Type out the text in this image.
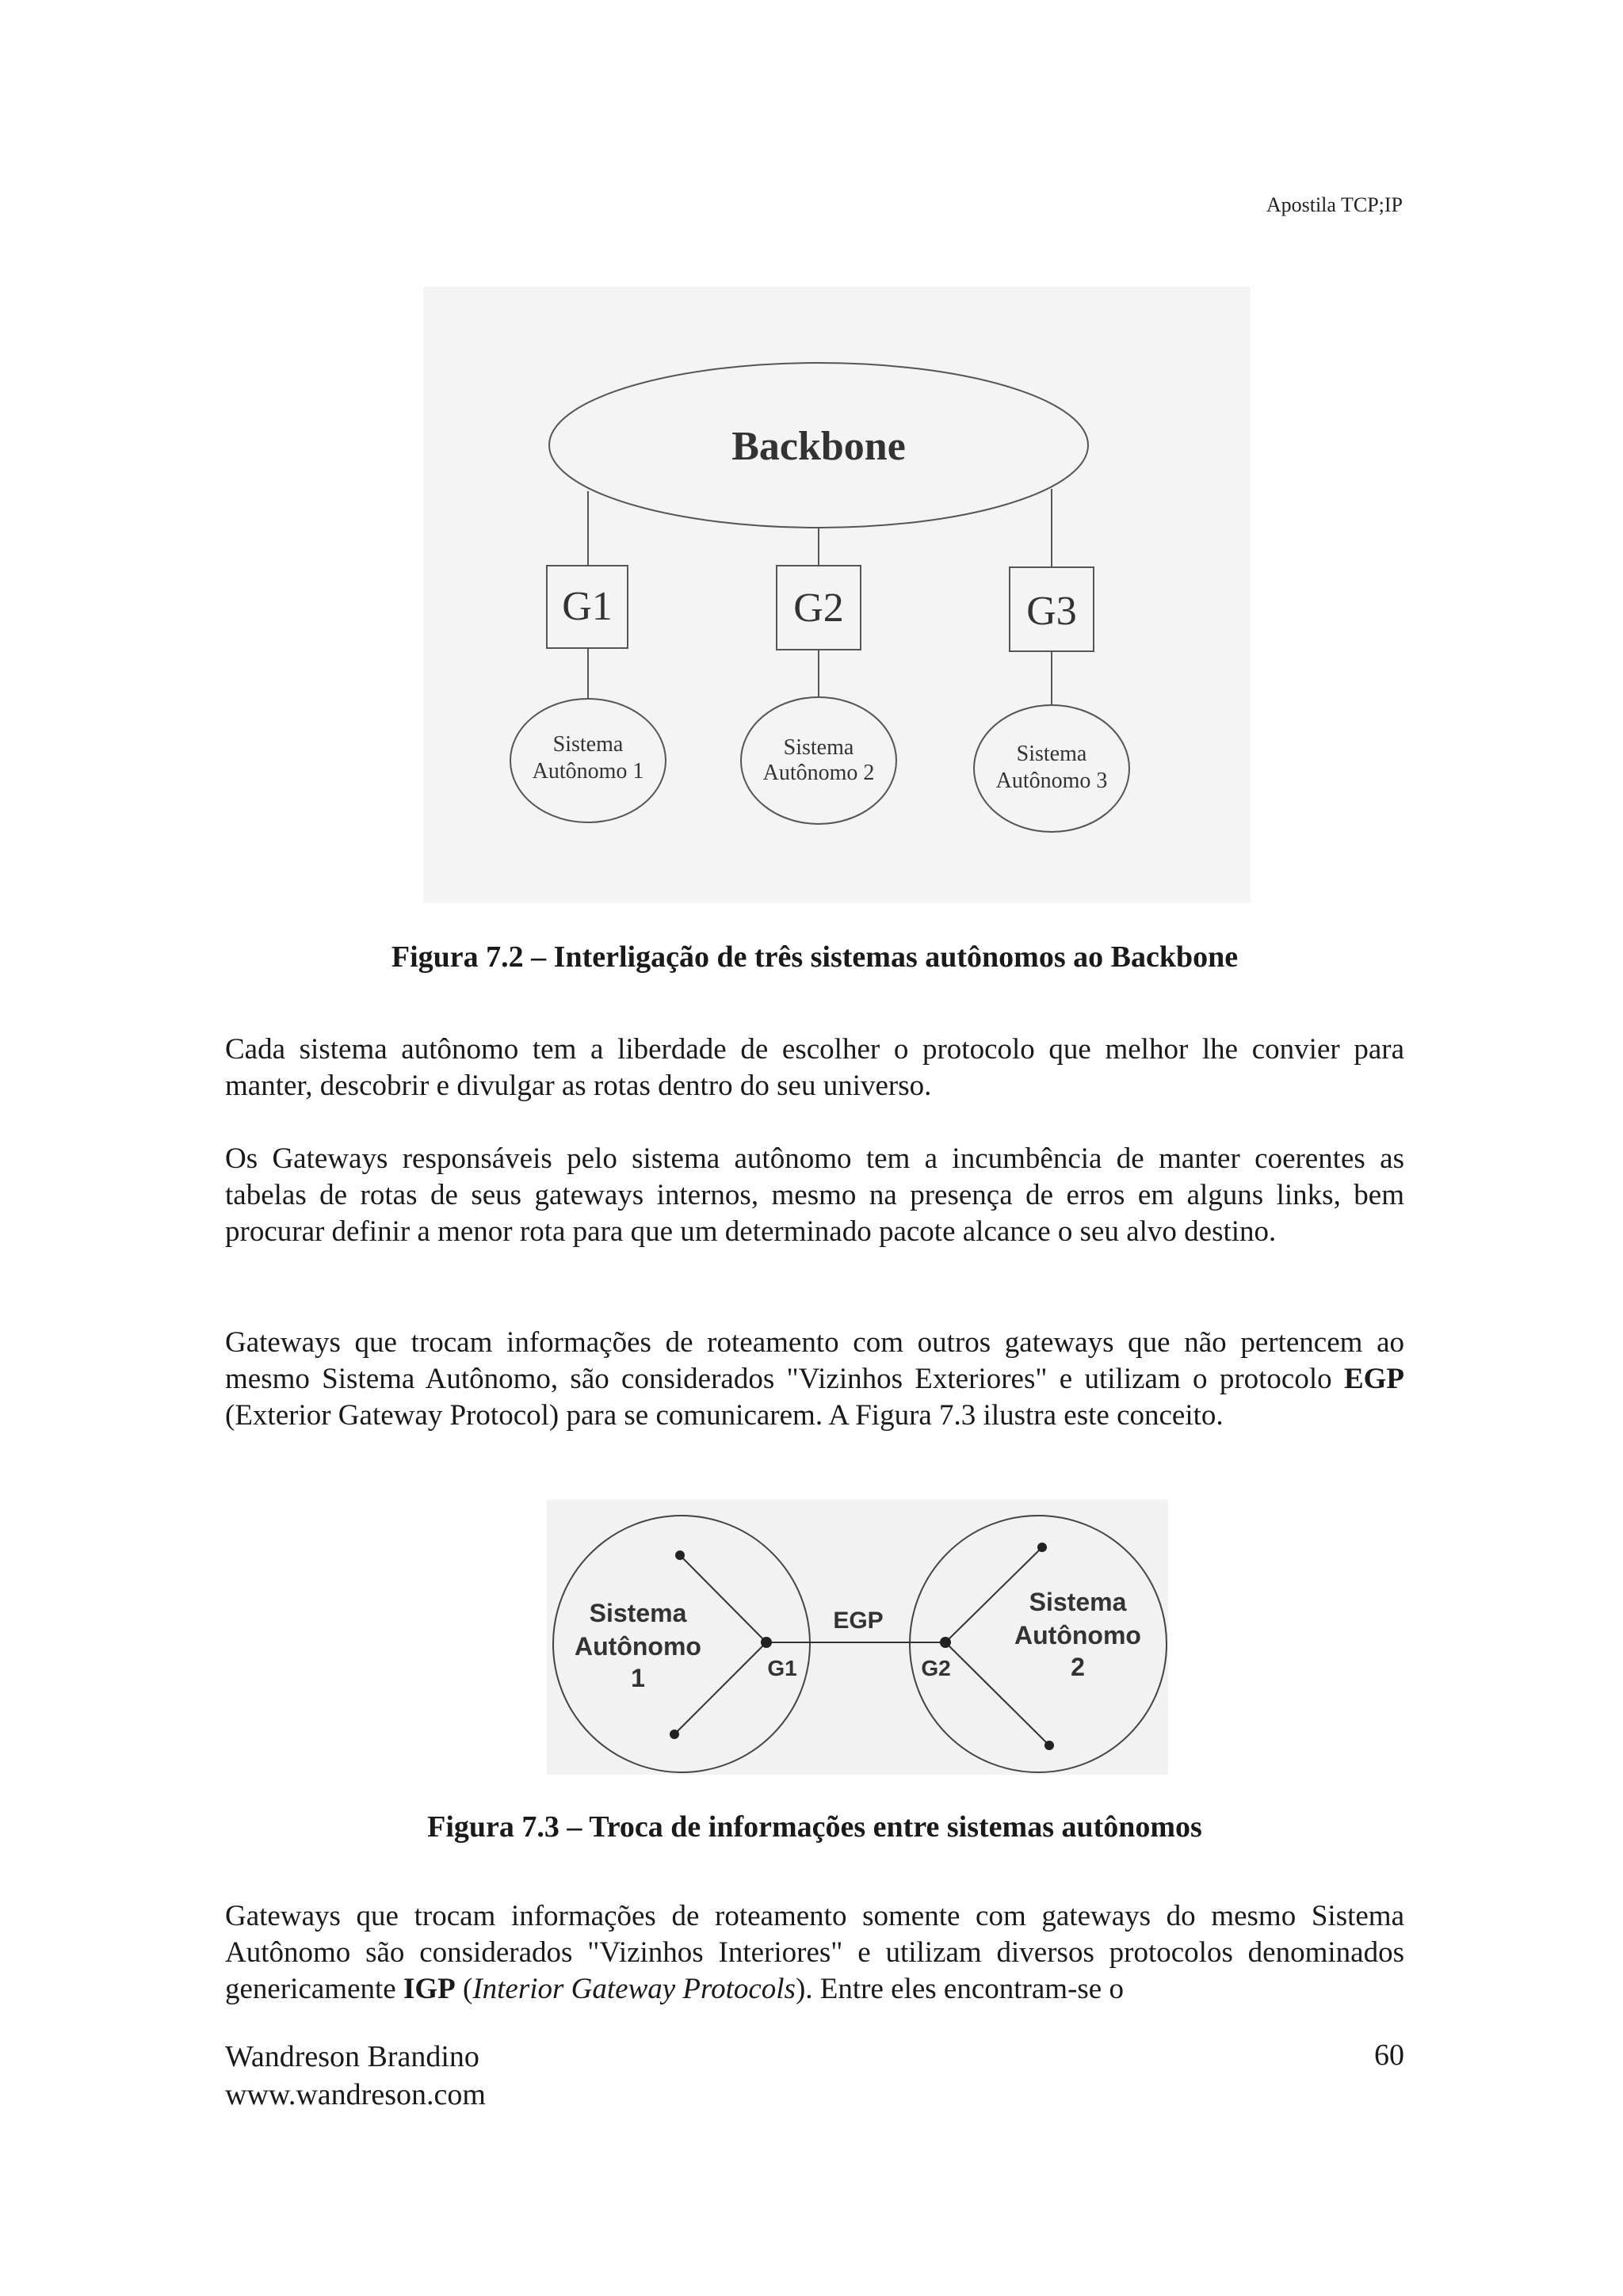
Apostila TCP;IP
Backbone
G1	G2	G3
Sistema
Autônomo 1
Sistema
Autônomo 2
Sistema
Autônomo 3
Figura 7.2 – Interligação de três sistemas autônomos ao Backbone
Cada sistema autônomo tem a liberdade de escolher o protocolo que melhor lhe convier para manter, descobrir e divulgar as rotas dentro do seu universo.
Os Gateways responsáveis pelo sistema autônomo tem a incumbência de manter coerentes as tabelas de rotas de seus gateways internos, mesmo na presença de erros em alguns links, bem procurar definir a menor rota para que um determinado pacote alcance o seu alvo destino.
Gateways que trocam informações de roteamento com outros gateways que não pertencem ao mesmo Sistema Autônomo, são considerados "Vizinhos Exteriores" e utilizam o protocolo EGP (Exterior Gateway Protocol) para se comunicarem. A Figura 7.3 ilustra este conceito.
EGP
G1	G2
Sistema
Autônomo
1
Sistema
Autônomo
2
Figura 7.3 – Troca de informações entre sistemas autônomos
Gateways que trocam informações de roteamento somente com gateways do mesmo Sistema Autônomo são considerados "Vizinhos Interiores" e utilizam diversos protocolos denominados genericamente IGP (Interior Gateway Protocols). Entre eles encontram-se o
Wandreson Brandino
www.wandreson.com
60
